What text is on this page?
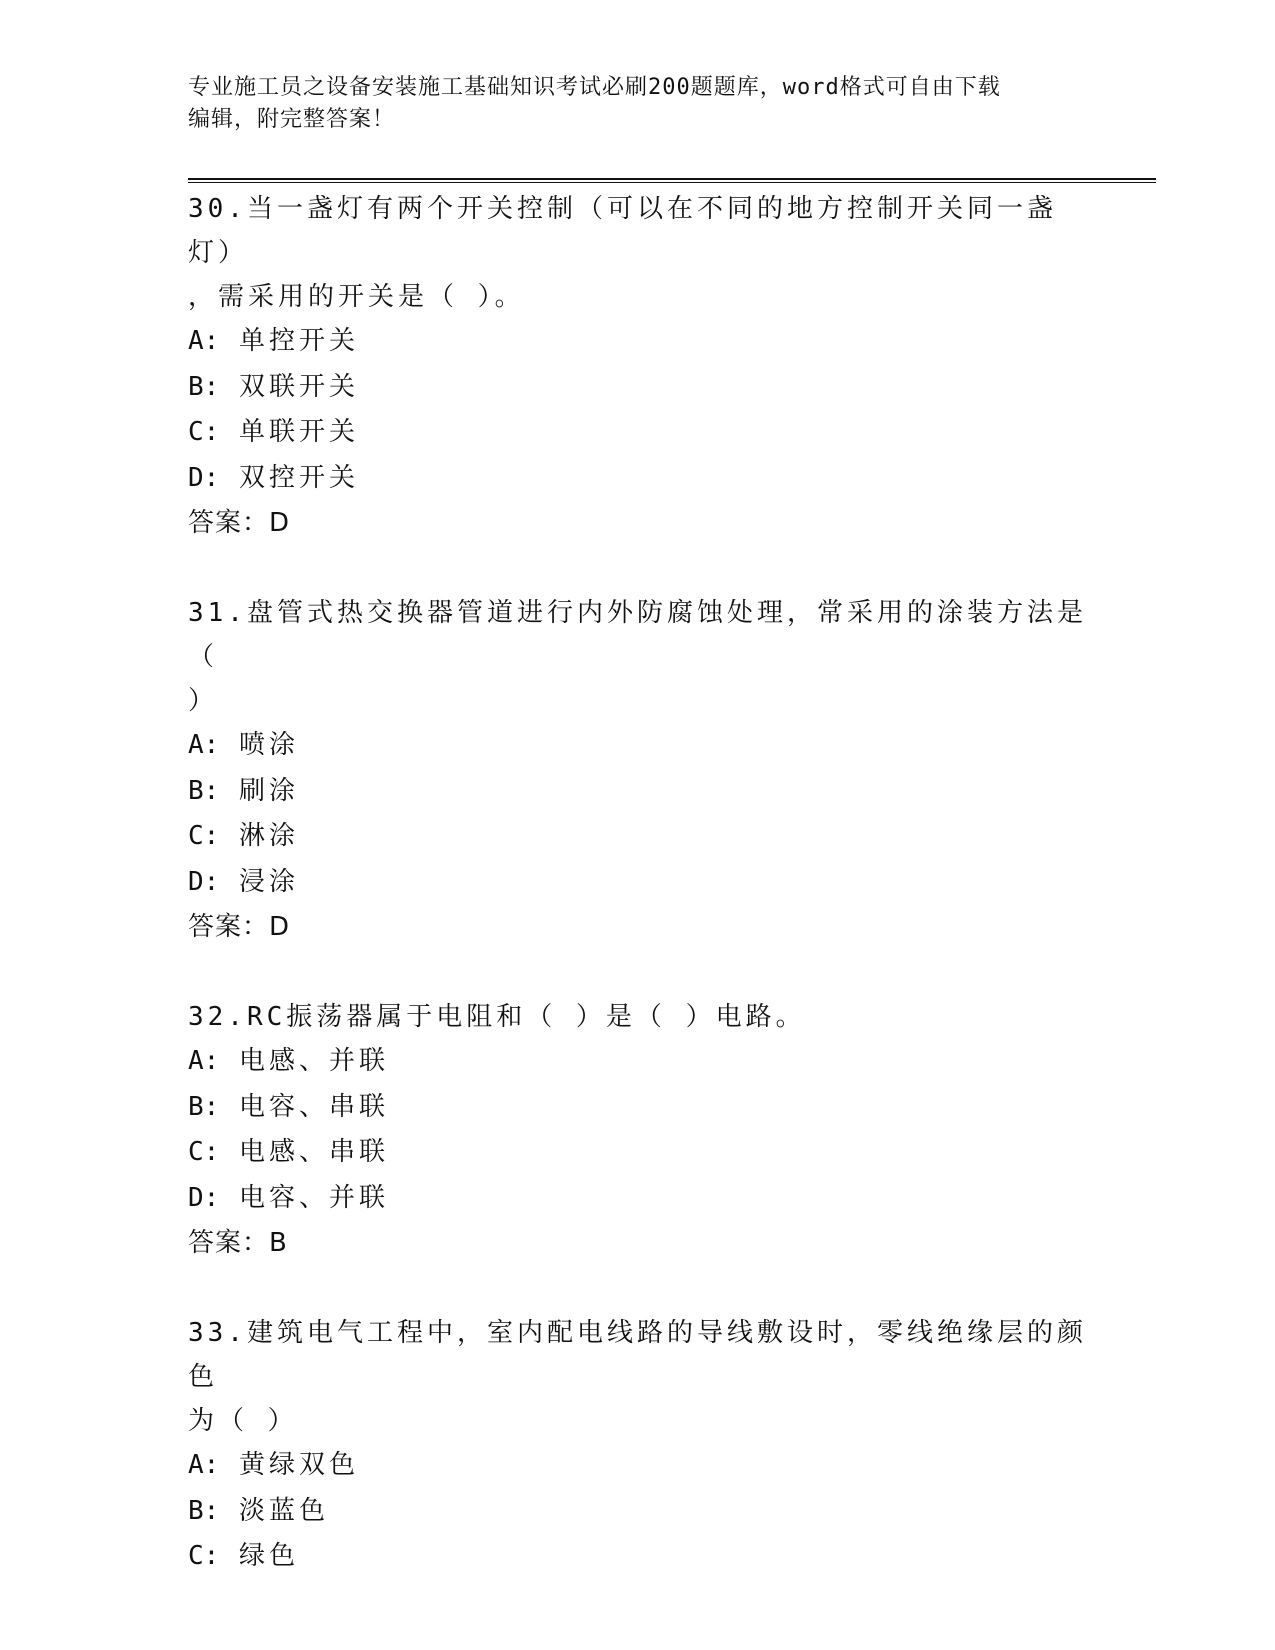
专业施工员之设备安装施工基础知识考试必刷200题题库，word格式可自由下载
编辑，附完整答案！
30.当一盏灯有两个开关控制（可以在不同的地方控制开关同一盏灯）
，需采用的开关是（ ）。
A: 单控开关
B: 双联开关
C: 单联开关
D: 双控开关
答案：D
31.盘管式热交换器管道进行内外防腐蚀处理，常采用的涂装方法是（
）
A: 喷涂
B: 刷涂
C: 淋涂
D: 浸涂
答案：D
32.RC振荡器属于电阻和（ ）是（ ）电路。
A: 电感、并联
B: 电容、串联
C: 电感、串联
D: 电容、并联
答案：B
33.建筑电气工程中，室内配电线路的导线敷设时，零线绝缘层的颜色
为（ ）
A: 黄绿双色
B: 淡蓝色
C: 绿色
